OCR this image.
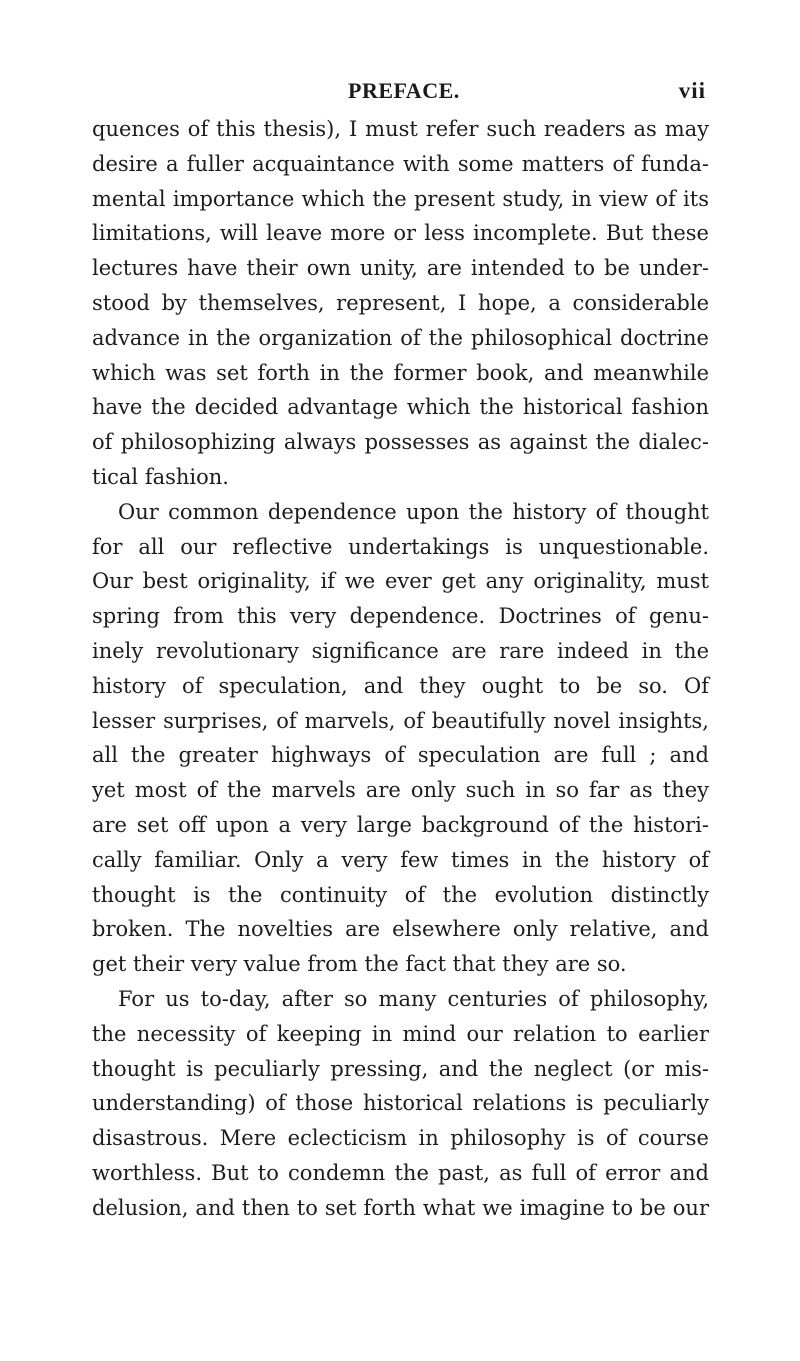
PREFACE.	vii
quences of this thesis), I must refer such readers as may
desire a fuller acquaintance with some matters of funda-
mental importance which the present study, in view of its
limitations, will leave more or less incomplete. But these
lectures have their own unity, are intended to be under-
stood by themselves, represent, I hope, a considerable
advance in the organization of the philosophical doctrine
which was set forth in the former book, and meanwhile
have the decided advantage which the historical fashion
of philosophizing always possesses as against the dialec-
tical fashion.
Our common dependence upon the history of thought
for all our reflective undertakings is unquestionable.
Our best originality, if we ever get any originality, must
spring from this very dependence. Doctrines of genu-
inely revolutionary significance are rare indeed in the
history of speculation, and they ought to be so. Of
lesser surprises, of marvels, of beautifully novel insights,
all the greater highways of speculation are full ; and
yet most of the marvels are only such in so far as they
are set off upon a very large background of the histori-
cally familiar. Only a very few times in the history of
thought is the continuity of the evolution distinctly
broken. The novelties are elsewhere only relative, and
get their very value from the fact that they are so.
For us to-day, after so many centuries of philosophy,
the necessity of keeping in mind our relation to earlier
thought is peculiarly pressing, and the neglect (or mis-
understanding) of those historical relations is peculiarly
disastrous. Mere eclecticism in philosophy is of course
worthless. But to condemn the past, as full of error and
delusion, and then to set forth what we imagine to be our
